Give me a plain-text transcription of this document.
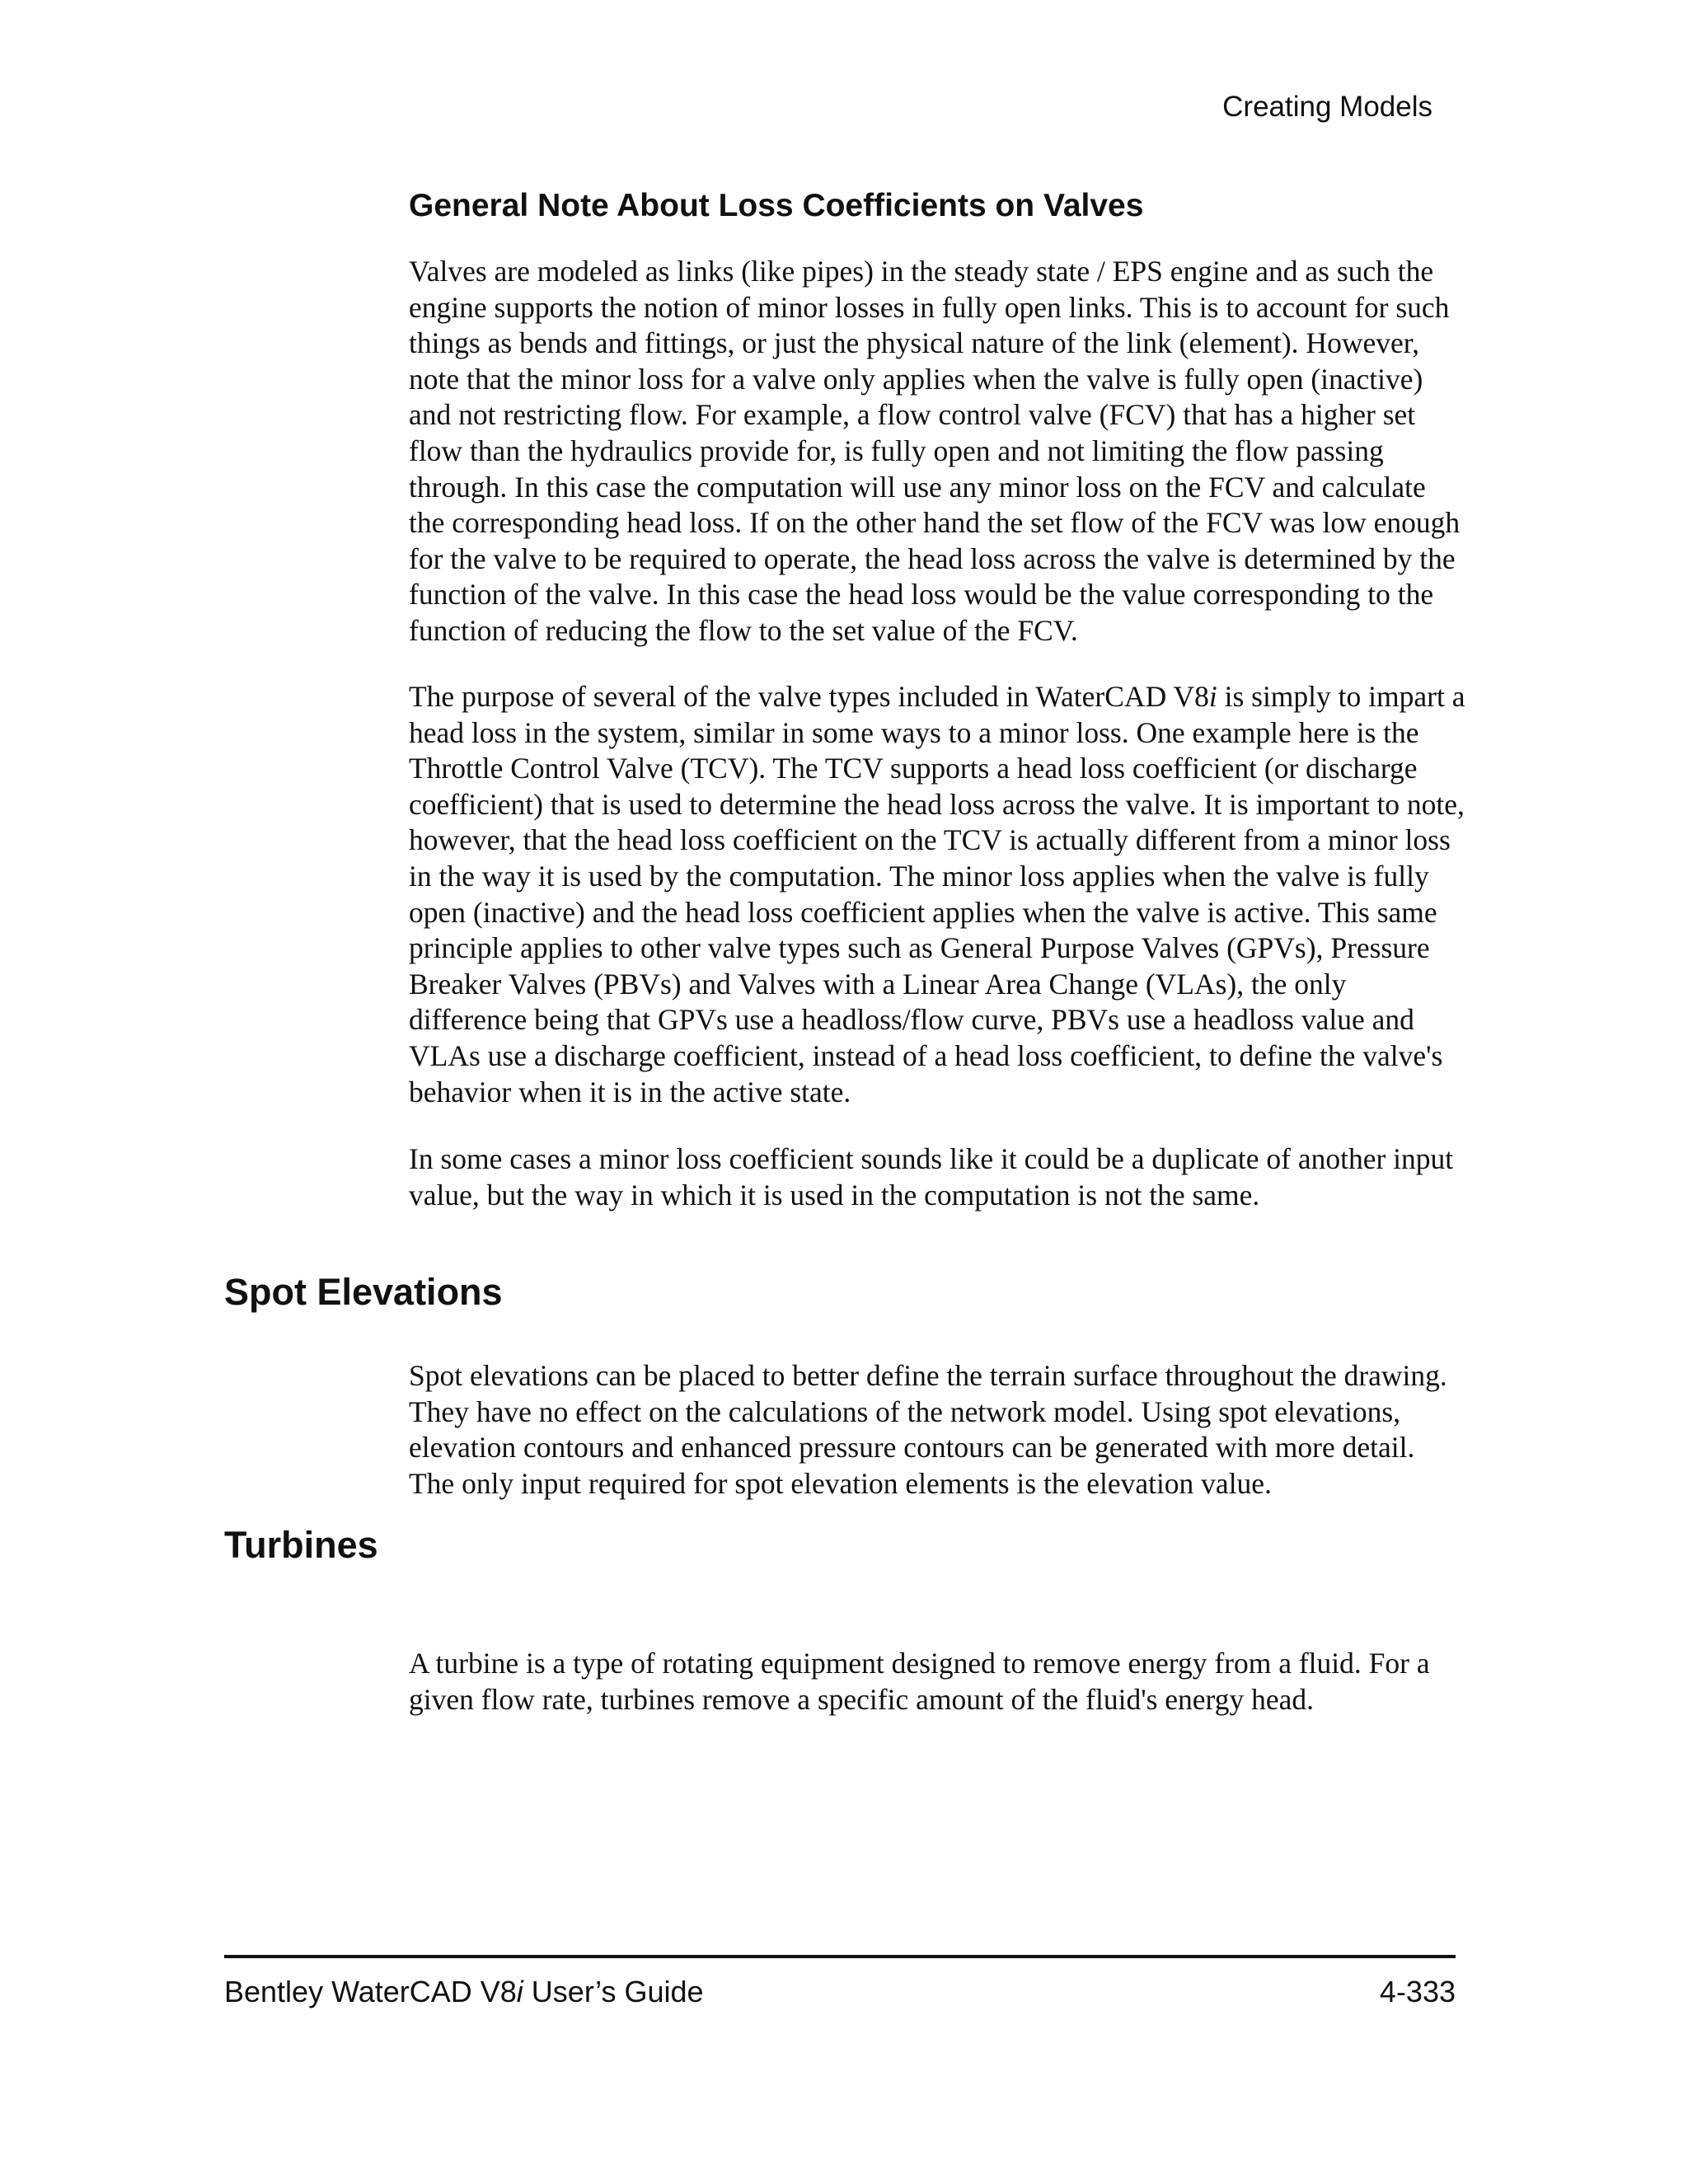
Creating Models
General Note About Loss Coefficients on Valves

Valves are modeled as links (like pipes) in the steady state / EPS engine and as such the engine supports the notion of minor losses in fully open links. This is to account for such things as bends and fittings, or just the physical nature of the link (element). However, note that the minor loss for a valve only applies when the valve is fully open (inactive) and not restricting flow. For example, a flow control valve (FCV) that has a higher set flow than the hydraulics provide for, is fully open and not limiting the flow passing through. In this case the computation will use any minor loss on the FCV and calculate the corresponding head loss. If on the other hand the set flow of the FCV was low enough for the valve to be required to operate, the head loss across the valve is determined by the function of the valve. In this case the head loss would be the value corresponding to the function of reducing the flow to the set value of the FCV.

The purpose of several of the valve types included in WaterCAD V8i is simply to impart a head loss in the system, similar in some ways to a minor loss. One example here is the Throttle Control Valve (TCV). The TCV supports a head loss coefficient (or discharge coefficient) that is used to determine the head loss across the valve. It is important to note, however, that the head loss coefficient on the TCV is actually different from a minor loss in the way it is used by the computation. The minor loss applies when the valve is fully open (inactive) and the head loss coefficient applies when the valve is active. This same principle applies to other valve types such as General Purpose Valves (GPVs), Pressure Breaker Valves (PBVs) and Valves with a Linear Area Change (VLAs), the only difference being that GPVs use a headloss/flow curve, PBVs use a headloss value and VLAs use a discharge coefficient, instead of a head loss coefficient, to define the valve's behavior when it is in the active state.

In some cases a minor loss coefficient sounds like it could be a duplicate of another input value, but the way in which it is used in the computation is not the same.

Spot Elevations

Spot elevations can be placed to better define the terrain surface throughout the drawing. They have no effect on the calculations of the network model. Using spot elevations, elevation contours and enhanced pressure contours can be generated with more detail. The only input required for spot elevation elements is the elevation value.

Turbines

A turbine is a type of rotating equipment designed to remove energy from a fluid. For a given flow rate, turbines remove a specific amount of the fluid's energy head.

Bentley WaterCAD V8i User’s Guide	4-333
